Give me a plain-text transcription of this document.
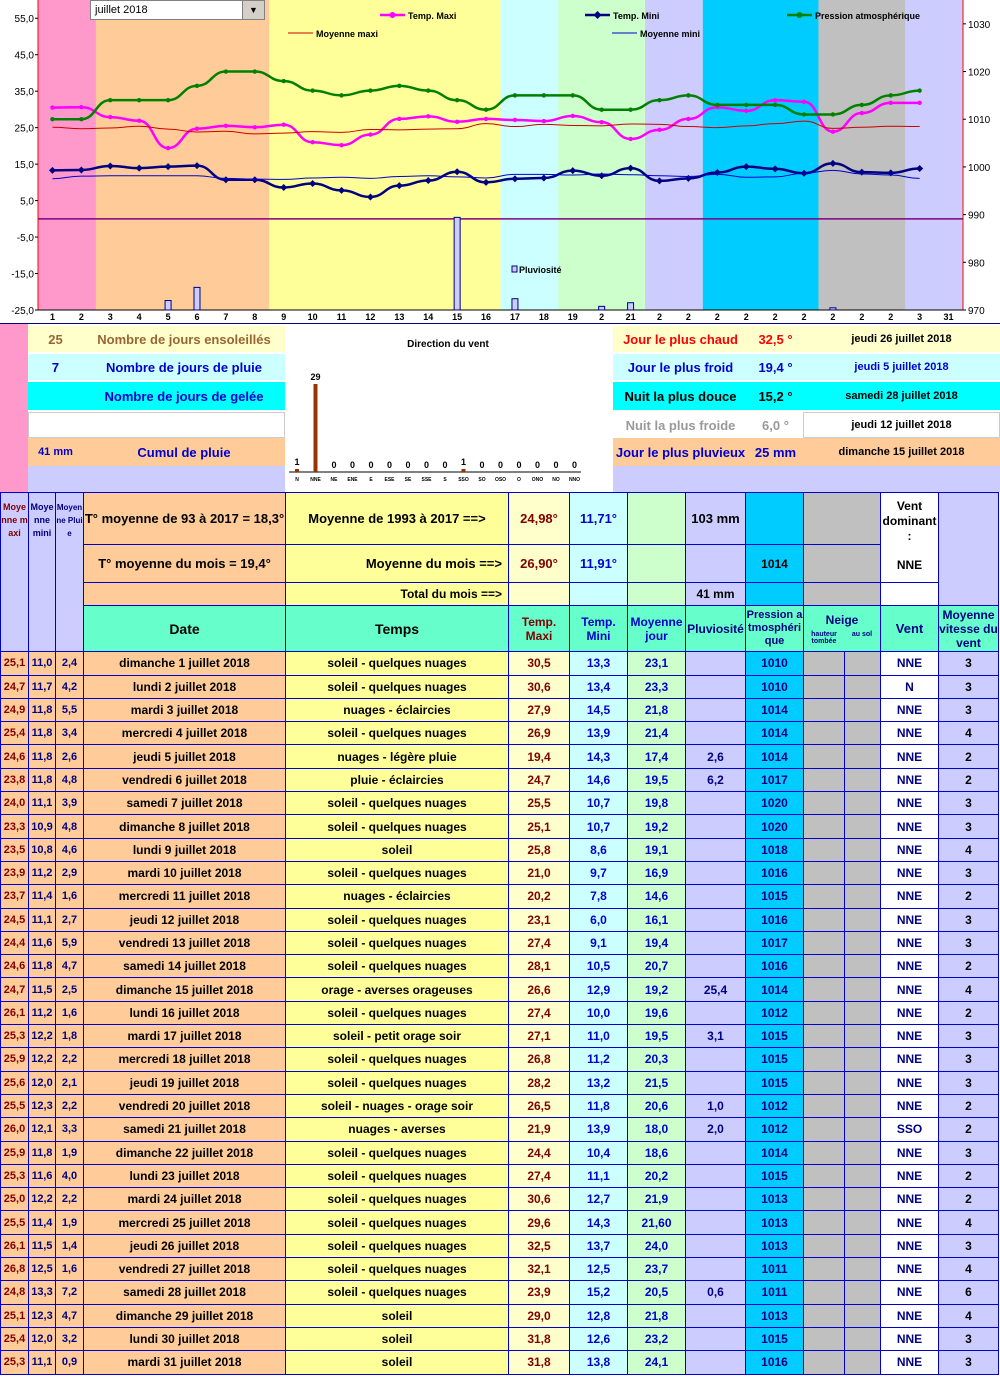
55,0
45,0
35,0
25,0
15,0
5,0
-5,0
-15,0
-25,0
1030
1020
1010
1000
990
980
970
1	2	3	4	5	6	7	8	9 10 11 12 13 14 15 16 17 18 19 2 21 2	2	2	2	2	2	2	2	2	3 31
Temp. Maxi	Temp. Mini	Pression atmosphérique
Moyenne maxi	Moyenne mini
Pluviosité
juillet 2018	▼
25	Nombre de jours ensoleillés
7	Nombre de jours de pluie
Nombre de jours de gelée
41 mm	Cumul de pluie
Direction du vent
1
N
29
NNE
0
NE
0
ENE
0
E
0
ESE
0
SE
0
SSE
0
S
1
SSO
0
SO
0
OSO
0
O
0
ONO
0
NO
0
NNO
Jour le plus chaud	32,5 °	jeudi 26 juillet 2018
Jour le plus froid	19,4 °	jeudi 5 juillet 2018
Nuit la plus douce	15,2 °	samedi 28 juillet 2018
Nuit la plus froide	6,0 °	jeudi 12 juillet 2018
Jour le plus pluvieux 25 mm	dimanche 15 juillet 2018
Moyenne maxi	Moyenne mini	Moyenne Pluie	T° moyenne de 93 à 2017 = 18,3°	Moyenne de 1993 à 2017 ==>	24,98°	11,71°		103 mm				Vent dominant :
NNE	

			T° moyenne du mois = 19,4°	Moyenne du mois ==>	26,90°	11,91°			1014				
				Total du mois ==>				41 mm					
			Date	Temps	Temp. Maxi	Temp. Mini	Moyenne jour	Pluviosité	Pression atmosphérique	Neige
hauteur tombée
au sol		Vent	Moyenne vitesse du vent
25,1	11,0	2,4	dimanche 1 juillet 2018	soleil - quelques nuages	30,5	13,3	23,1		1010			NNE	3
24,7	11,7	4,2	lundi 2 juillet 2018	soleil - quelques nuages	30,6	13,4	23,3		1010			N	3
24,9	11,8	5,5	mardi 3 juillet 2018	nuages - éclaircies	27,9	14,5	21,8		1014			NNE	3
25,4	11,8	3,4	mercredi 4 juillet 2018	soleil - quelques nuages	26,9	13,9	21,4		1014			NNE	4
24,6	11,8	2,6	jeudi 5 juillet 2018	nuages - légère pluie	19,4	14,3	17,4	2,6	1014			NNE	2
23,8	11,8	4,8	vendredi 6 juillet 2018	pluie - éclaircies	24,7	14,6	19,5	6,2	1017			NNE	2
24,0	11,1	3,9	samedi 7 juillet 2018	soleil - quelques nuages	25,5	10,7	19,8		1020			NNE	3
23,3	10,9	4,8	dimanche 8 juillet 2018	soleil - quelques nuages	25,1	10,7	19,2		1020			NNE	3
23,5	10,8	4,6	lundi 9 juillet 2018	soleil	25,8	8,6	19,1		1018			NNE	4
23,9	11,2	2,9	mardi 10 juillet 2018	soleil - quelques nuages	21,0	9,7	16,9		1016			NNE	3
23,7	11,4	1,6	mercredi 11 juillet 2018	nuages - éclaircies	20,2	7,8	14,6		1015			NNE	2
24,5	11,1	2,7	jeudi 12 juillet 2018	soleil - quelques nuages	23,1	6,0	16,1		1016			NNE	3
24,4	11,6	5,9	vendredi 13 juillet 2018	soleil - quelques nuages	27,4	9,1	19,4		1017			NNE	3
24,6	11,8	4,7	samedi 14 juillet 2018	soleil - quelques nuages	28,1	10,5	20,7		1016			NNE	2
24,7	11,5	2,5	dimanche 15 juillet 2018	orage - averses orageuses	26,6	12,9	19,2	25,4	1014			NNE	4
26,1	11,2	1,6	lundi 16 juillet 2018	soleil - quelques nuages	27,4	10,0	19,6		1012			NNE	2
25,3	12,2	1,8	mardi 17 juillet 2018	soleil - petit orage soir	27,1	11,0	19,5	3,1	1015			NNE	3
25,9	12,2	2,2	mercredi 18 juillet 2018	soleil - quelques nuages	26,8	11,2	20,3		1015			NNE	3
25,6	12,0	2,1	jeudi 19 juillet 2018	soleil - quelques nuages	28,2	13,2	21,5		1015			NNE	3
25,5	12,3	2,2	vendredi 20 juillet 2018	soleil - nuages - orage soir	26,5	11,8	20,6	1,0	1012			NNE	2
26,0	12,1	3,3	samedi 21 juillet 2018	nuages - averses	21,9	13,9	18,0	2,0	1012			SSO	2
25,9	11,8	1,9	dimanche 22 juillet 2018	soleil - quelques nuages	24,4	10,4	18,6		1014			NNE	3
25,3	11,6	4,0	lundi 23 juillet 2018	soleil - quelques nuages	27,4	11,1	20,2		1015			NNE	2
25,0	12,2	2,2	mardi 24 juillet 2018	soleil - quelques nuages	30,6	12,7	21,9		1013			NNE	2
25,5	11,4	1,9	mercredi 25 juillet 2018	soleil - quelques nuages	29,6	14,3	21,60		1013			NNE	4
26,1	11,5	1,4	jeudi 26 juillet 2018	soleil - quelques nuages	32,5	13,7	24,0		1013			NNE	3
26,8	12,5	1,6	vendredi 27 juillet 2018	soleil - quelques nuages	32,1	12,5	23,7		1011			NNE	4
24,8	13,3	7,2	samedi 28 juillet 2018	soleil - quelques nuages	23,9	15,2	20,5	0,6	1011			NNE	6
25,1	12,3	4,7	dimanche 29 juillet 2018	soleil	29,0	12,8	21,8		1013			NNE	4
25,4	12,0	3,2	lundi 30 juillet 2018	soleil	31,8	12,6	23,2		1015			NNE	3
25,3	11,1	0,9	mardi 31 juillet 2018	soleil	31,8	13,8	24,1		1016			NNE	3
